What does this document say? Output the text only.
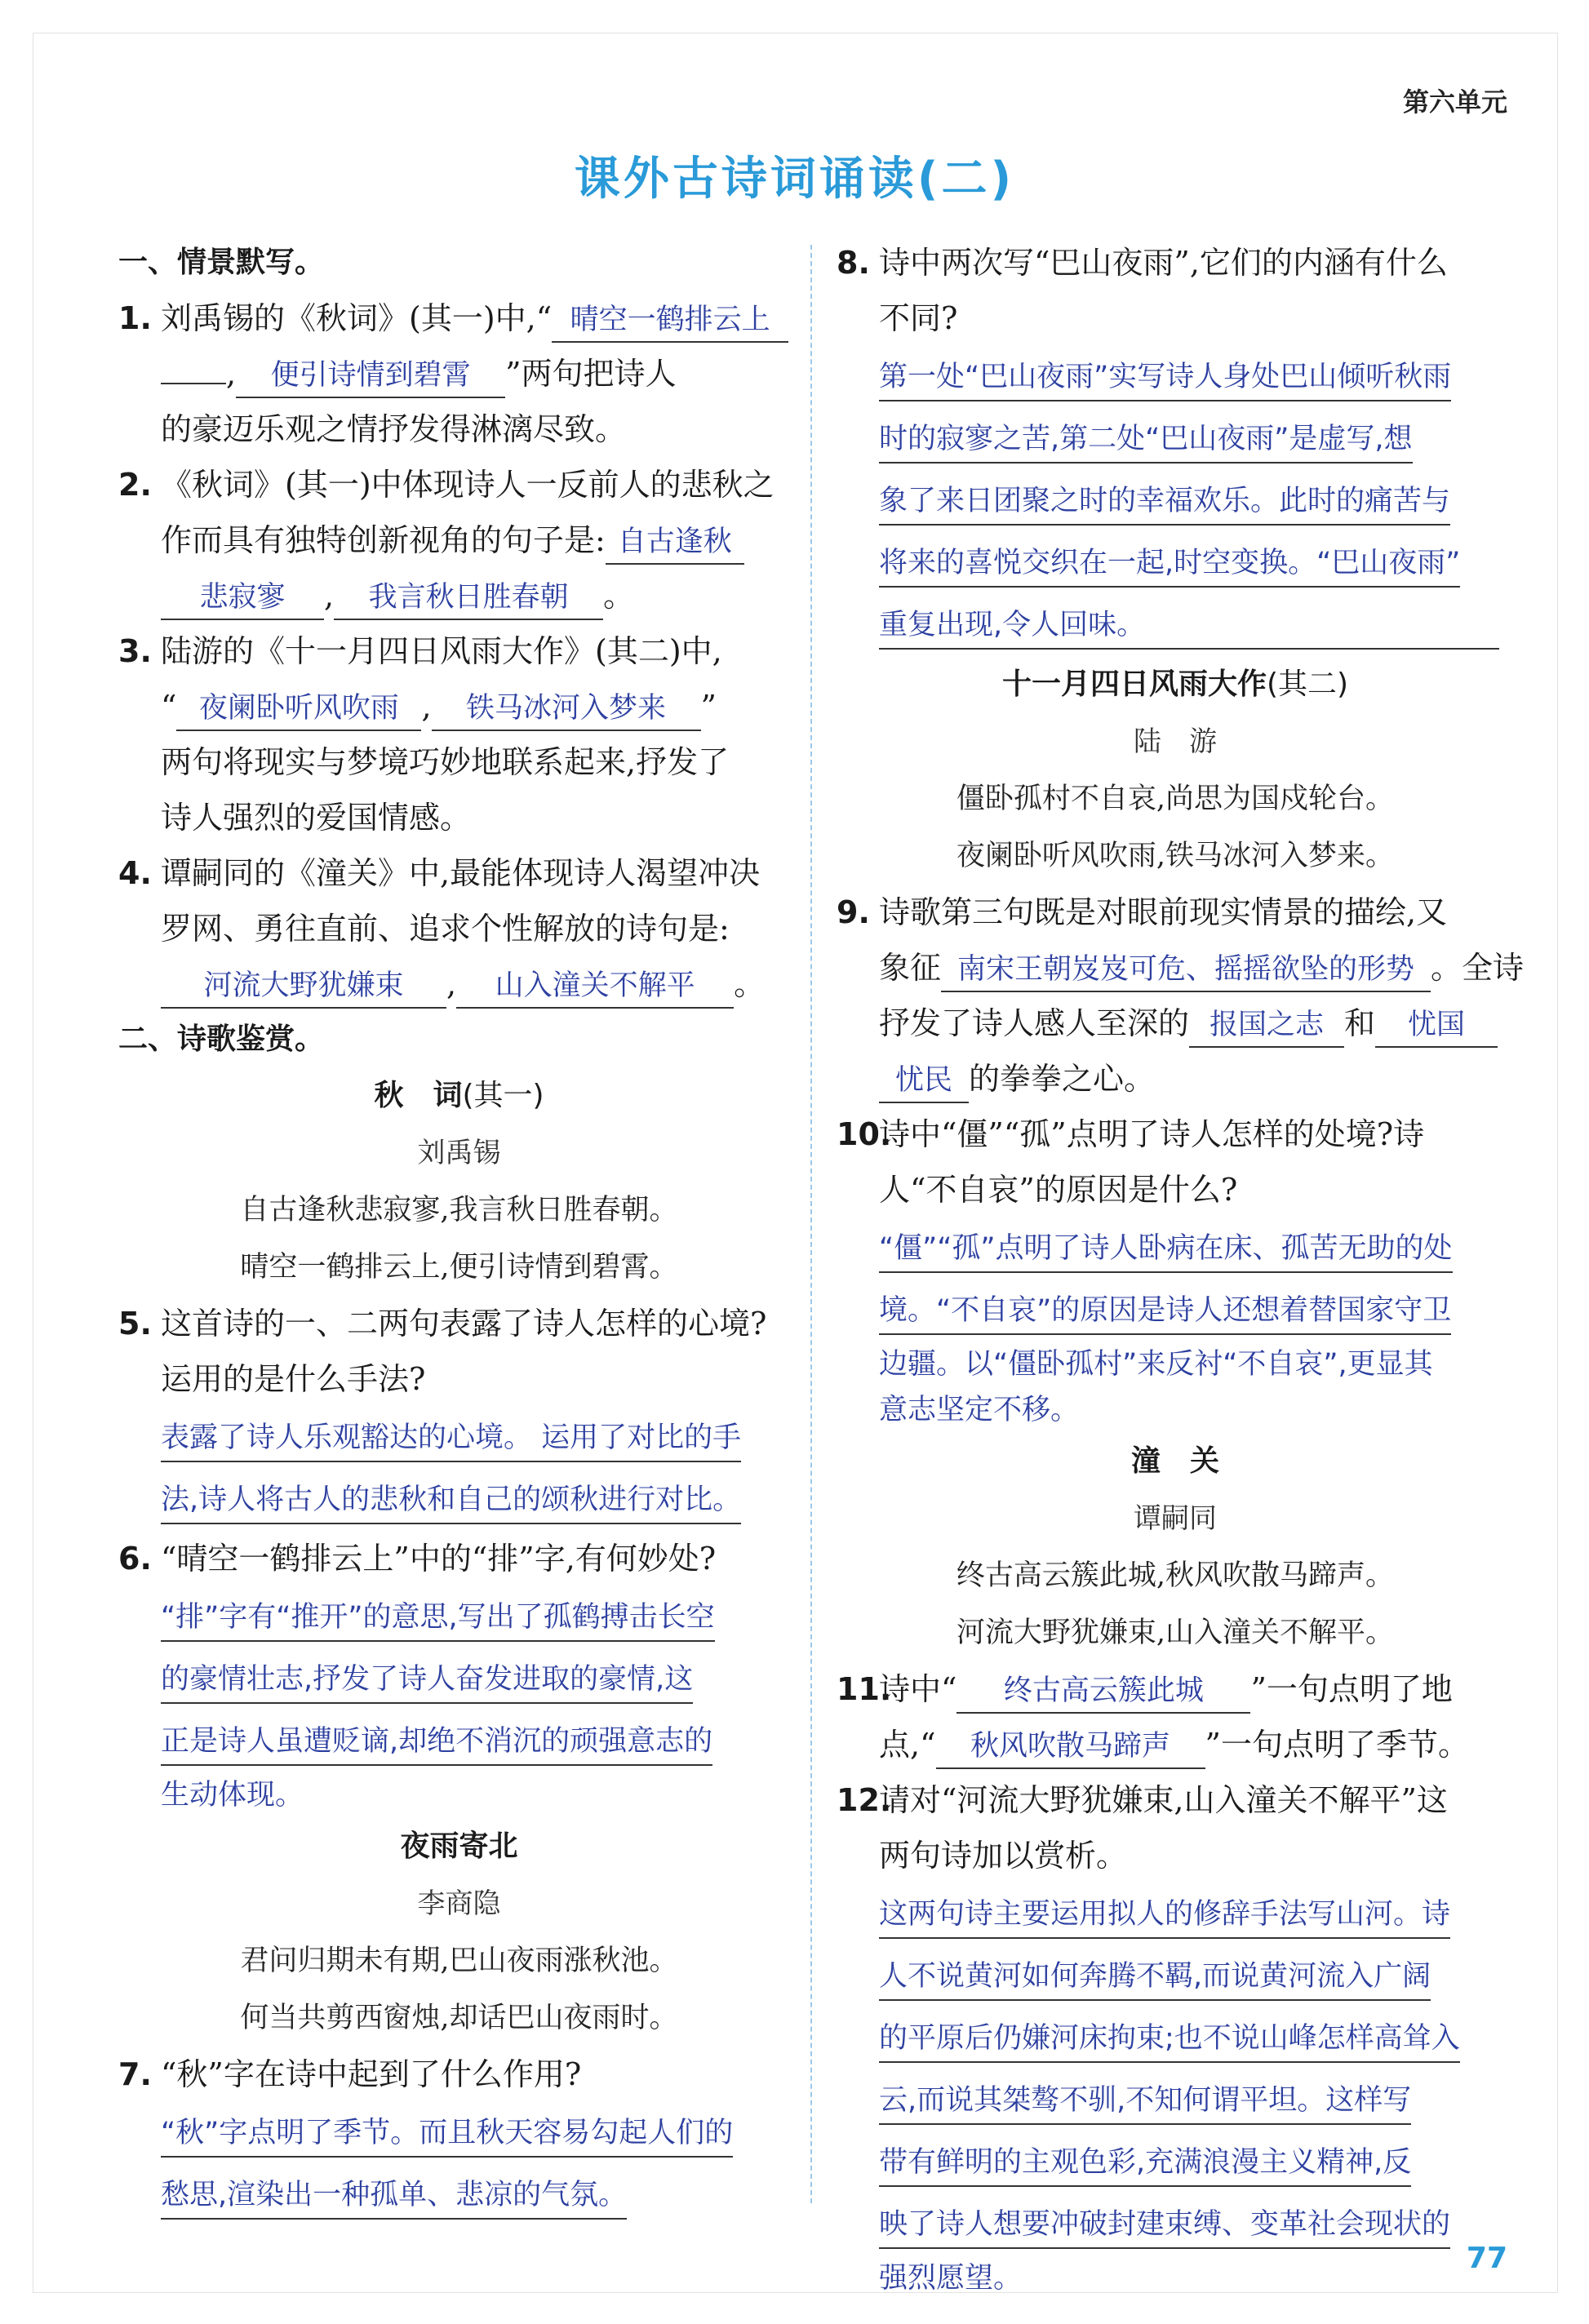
第六单元
课外古诗词诵读(二)
一、情景默写。
1. 刘禹锡的《秋词》(其一)中,“ 晴空一鹤排云上
, 便引诗情到碧霄 ”两句把诗人
的豪迈乐观之情抒发得淋漓尽致。
2. 《秋词》(其一)中体现诗人一反前人的悲秋之
作而具有独特创新视角的句子是: 自古逢秋
悲寂寥 , 我言秋日胜春朝 。
3. 陆游的《十一月四日风雨大作》(其二)中,
“ 夜阑卧听风吹雨 , 铁马冰河入梦来 ”
两句将现实与梦境巧妙地联系起来,抒发了
诗人强烈的爱国情感。
4. 谭嗣同的《潼关》中,最能体现诗人渴望冲决
罗网、勇往直前、追求个性解放的诗句是:
河流大野犹嫌束 , 山入潼关不解平 。
二、诗歌鉴赏。
秋　词(其一)
刘禹锡
自古逢秋悲寂寥,我言秋日胜春朝。
晴空一鹤排云上,便引诗情到碧霄。
5. 这首诗的一、二两句表露了诗人怎样的心境?
运用的是什么手法?
表露了诗人乐观豁达的心境。 运用了对比的手
法,诗人将古人的悲秋和自己的颂秋进行对比。
6. “晴空一鹤排云上”中的“排”字,有何妙处?
“排”字有“推开”的意思,写出了孤鹤搏击长空
的豪情壮志,抒发了诗人奋发进取的豪情,这
正是诗人虽遭贬谪,却绝不消沉的顽强意志的
生动体现。
夜雨寄北
李商隐
君问归期未有期,巴山夜雨涨秋池。
何当共剪西窗烛,却话巴山夜雨时。
7. “秋”字在诗中起到了什么作用?
“秋”字点明了季节。而且秋天容易勾起人们的
愁思,渲染出一种孤单、悲凉的气氛。
8. 诗中两次写“巴山夜雨”,它们的内涵有什么
不同?
第一处“巴山夜雨”实写诗人身处巴山倾听秋雨
时的寂寥之苦,第二处“巴山夜雨”是虚写,想
象了来日团聚之时的幸福欢乐。此时的痛苦与
将来的喜悦交织在一起,时空变换。“巴山夜雨”
重复出现,令人回味。
十一月四日风雨大作(其二)
陆　游
僵卧孤村不自哀,尚思为国戍轮台。
夜阑卧听风吹雨,铁马冰河入梦来。
9. 诗歌第三句既是对眼前现实情景的描绘,又
象征 南宋王朝岌岌可危、摇摇欲坠的形势 。全诗
抒发了诗人感人至深的 报国之志 和 忧国
忧民 的拳拳之心。
10.诗中“僵”“孤”点明了诗人怎样的处境?诗
人“不自哀”的原因是什么?
“僵”“孤”点明了诗人卧病在床、孤苦无助的处
境。“不自哀”的原因是诗人还想着替国家守卫
边疆。以“僵卧孤村”来反衬“不自哀”,更显其
意志坚定不移。
潼　关
谭嗣同
终古高云簇此城,秋风吹散马蹄声。
河流大野犹嫌束,山入潼关不解平。
11.诗中“ 终古高云簇此城 ”一句点明了地
点,“ 秋风吹散马蹄声 ”一句点明了季节。
12.请对“河流大野犹嫌束,山入潼关不解平”这
两句诗加以赏析。
这两句诗主要运用拟人的修辞手法写山河。诗
人不说黄河如何奔腾不羁,而说黄河流入广阔
的平原后仍嫌河床拘束;也不说山峰怎样高耸入
云,而说其桀骜不驯,不知何谓平坦。这样写
带有鲜明的主观色彩,充满浪漫主义精神,反
映了诗人想要冲破封建束缚、变革社会现状的
强烈愿望。
77
